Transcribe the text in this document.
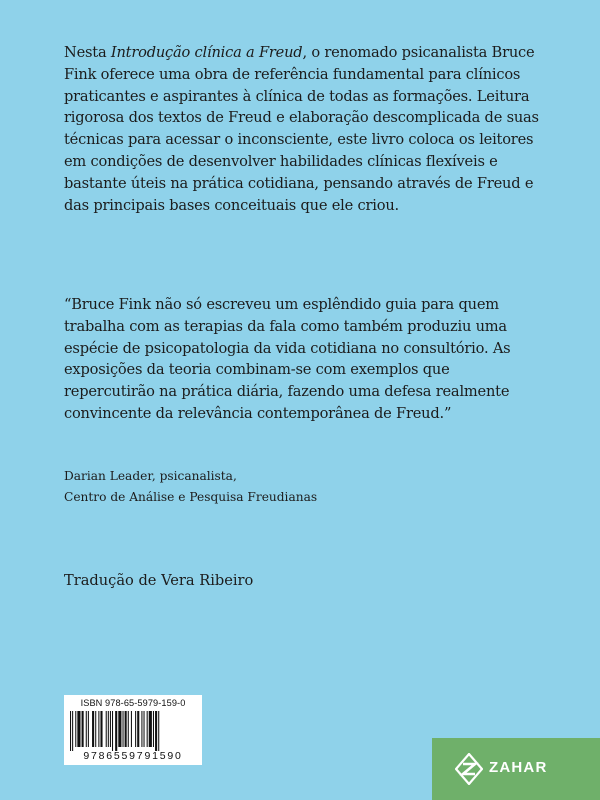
Nesta Introdução clínica a Freud, o renomado psicanalista Bruce Fink oferece uma obra de referência fundamental para clínicos praticantes e aspirantes à clínica de todas as formações. Leitura rigorosa dos textos de Freud e elaboração descomplicada de suas técnicas para acessar o inconsciente, este livro coloca os leitores em condições de desenvolver habilidades clínicas flexíveis e bastante úteis na prática cotidiana, pensando através de Freud e das principais bases conceituais que ele criou.
“Bruce Fink não só escreveu um esplêndido guia para quem trabalha com as terapias da fala como também produziu uma espécie de psicopatologia da vida cotidiana no consultório. As exposições da teoria combinam-se com exemplos que repercutirão na prática diária, fazendo uma defesa realmente convincente da relevância contemporânea de Freud.”
Darian Leader, psicanalista,
Centro de Análise e Pesquisa Freudianas
Tradução de Vera Ribeiro
ISBN 978-65-5979-159-0
9786559791590
ZAHAR
